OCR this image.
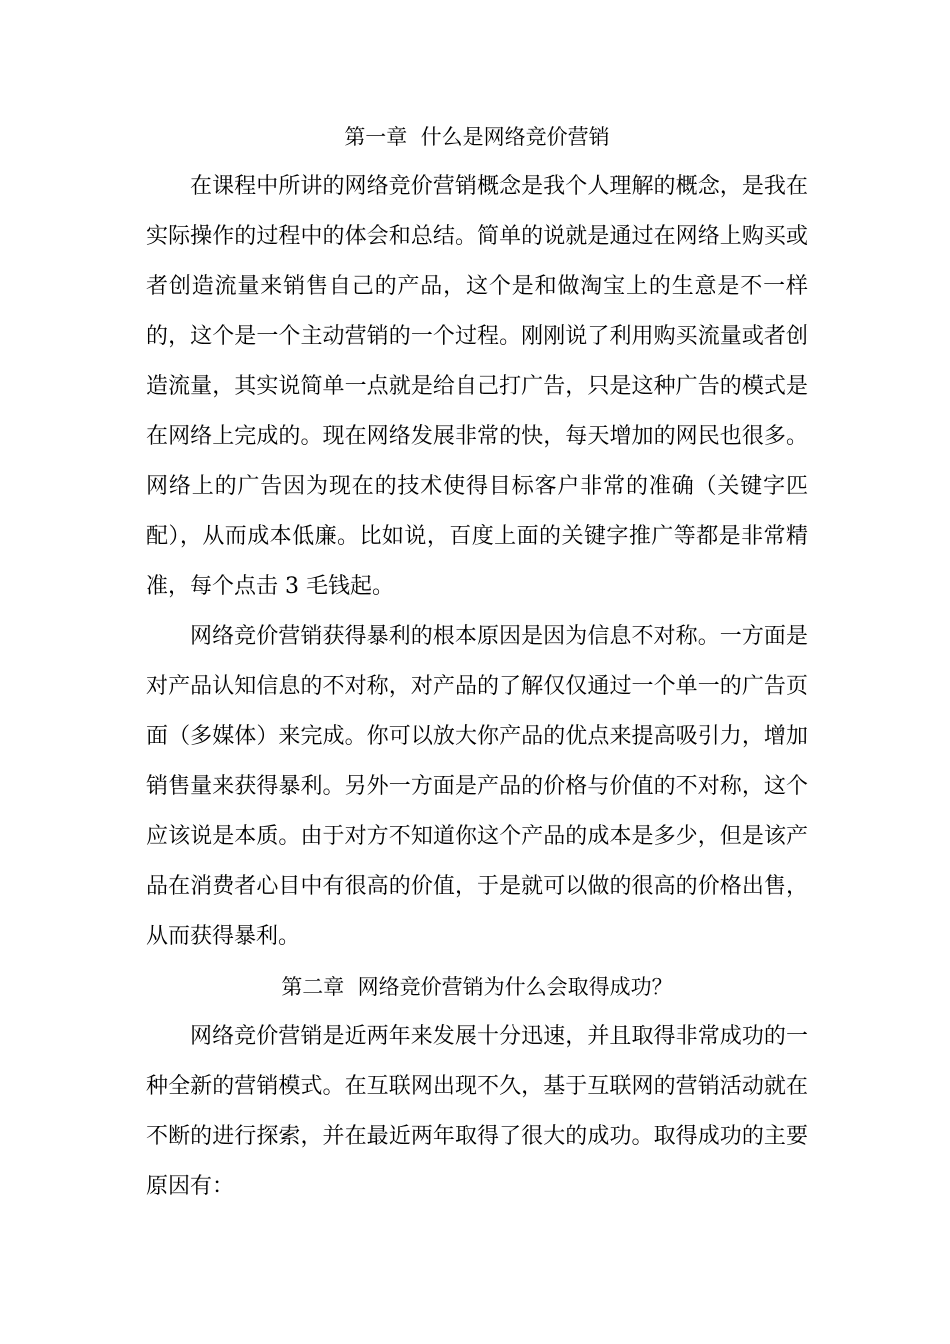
第一章  什么是网络竞价营销

在课程中所讲的网络竞价营销概念是我个人理解的概念，是我在实际操作的过程中的体会和总结。简单的说就是通过在网络上购买或者创造流量来销售自己的产品，这个是和做淘宝上的生意是不一样的，这个是一个主动营销的一个过程。刚刚说了利用购买流量或者创造流量，其实说简单一点就是给自己打广告，只是这种广告的模式是在网络上完成的。现在网络发展非常的快，每天增加的网民也很多。网络上的广告因为现在的技术使得目标客户非常的准确（关键字匹配），从而成本低廉。比如说，百度上面的关键字推广等都是非常精准，每个点击 3 毛钱起。

网络竞价营销获得暴利的根本原因是因为信息不对称。一方面是对产品认知信息的不对称，对产品的了解仅仅通过一个单一的广告页面（多媒体）来完成。你可以放大你产品的优点来提高吸引力，增加销售量来获得暴利。另外一方面是产品的价格与价值的不对称，这个应该说是本质。由于对方不知道你这个产品的成本是多少，但是该产品在消费者心目中有很高的价值，于是就可以做的很高的价格出售，从而获得暴利。

第二章  网络竞价营销为什么会取得成功？

网络竞价营销是近两年来发展十分迅速，并且取得非常成功的一种全新的营销模式。在互联网出现不久，基于互联网的营销活动就在不断的进行探索，并在最近两年取得了很大的成功。取得成功的主要原因有：
